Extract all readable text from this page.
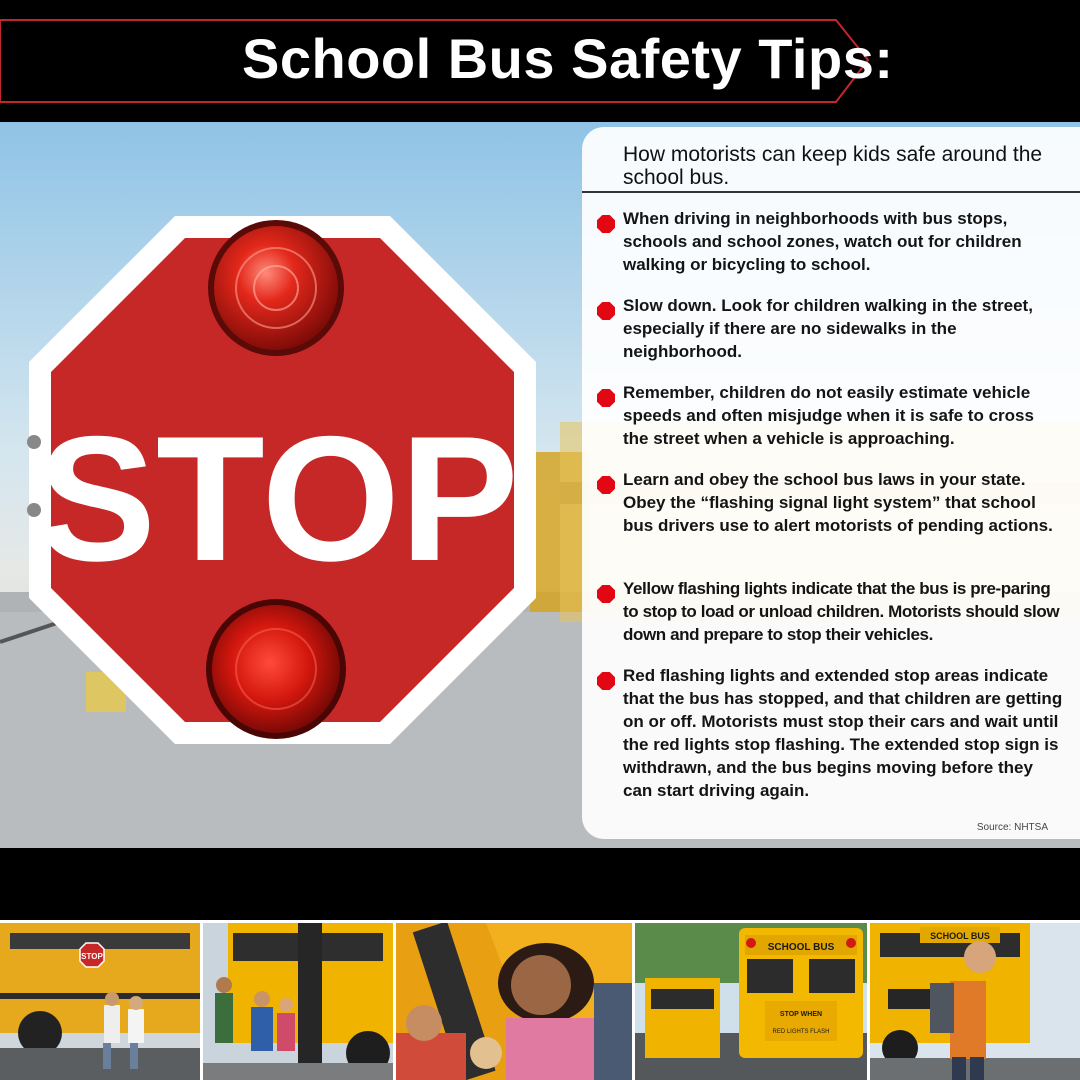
School Bus Safety Tips:
STOP
How motorists can keep kids safe around the school bus.
When driving in neighborhoods with bus stops, schools and school zones, watch out for children walking or bicycling to school.
Slow down. Look for children walking in the street, especially if there are no sidewalks in the neighborhood.
Remember, children do not easily estimate vehicle speeds and often misjudge when it is safe to cross the street when a vehicle is approaching.
Learn and obey the school bus laws in your state. Obey the “flashing signal light system” that school bus drivers use to alert motorists of pending actions.
Yellow flashing lights indicate that the bus is pre-paring to stop to load or unload children. Motorists should slow down and prepare to stop their vehicles.
Red flashing lights and extended stop areas indicate that the bus has stopped, and that children are getting on or off. Motorists must stop their cars and wait until the red lights stop flashing. The extended stop sign is withdrawn, and the bus begins moving before they can start driving again.
Source: NHTSA
STOP
SCHOOL BUS
STOP WHEN
RED LIGHTS FLASH
SCHOOL BUS
